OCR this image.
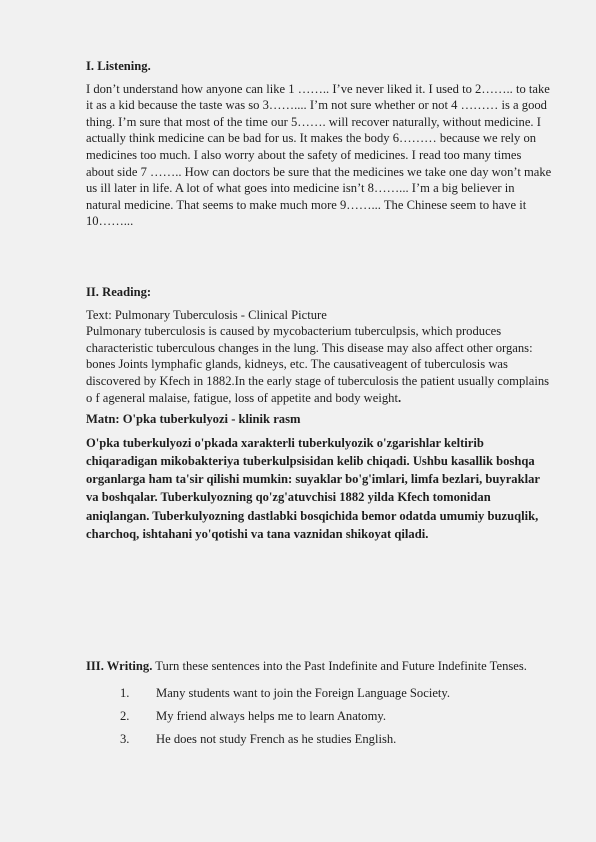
I. Listening.

I don’t understand how anyone can like 1 …….. I’ve never liked it. I used to 2…….. to take it as a kid because the taste was so 3…….... I’m not sure whether or not 4 ……… is a good thing. I’m sure that most of the time our 5……. will recover naturally, without medicine. I actually think medicine can be bad for us. It makes the body 6……… because we rely on medicines too much. I also worry about the safety of medicines. I read too many times about side 7 …….. How can doctors be sure that the medicines we take one day won’t make us ill later in life. A lot of what goes into medicine isn’t 8……... I’m a big believer in natural medicine. That seems to make much more 9……... The Chinese seem to have it 10……...

II. Reading:

Text: Pulmonary Tuberculosis - Clinical Picture

Pulmonary tuberculosis is caused by mycobacterium tuberculpsis, which produces characteristic tuberculous changes in the lung. This disease may also affect other organs: bones Joints lymphafic glands, kidneys, etc. The causativeagent of tuberculosis was discovered by Kfech in 1882.In the early stage of tuberculosis the patient usually complains o f ageneral malaise, fatigue, loss of appetite and body weight.

Matn: O'pka tuberkulyozi - klinik rasm

O'pka tuberkulyozi o'pkada xarakterli tuberkulyozik o'zgarishlar keltirib chiqaradigan mikobakteriya tuberkulpsisidan kelib chiqadi. Ushbu kasallik boshqa organlarga ham ta'sir qilishi mumkin: suyaklar bo'g'imlari, limfa bezlari, buyraklar va boshqalar. Tuberkulyozning qo'zg'atuvchisi 1882 yilda Kfech tomonidan aniqlangan. Tuberkulyozning dastlabki bosqichida bemor odatda umumiy buzuqlik, charchoq, ishtahani yo'qotishi va tana vaznidan shikoyat qiladi.

III. Writing. Turn these sentences into the Past Indefinite and Future Indefinite Tenses.

1. Many students want to join the Foreign Language Society.
2. My friend always helps me to learn Anatomy.
3. He does not study French as he studies English.
